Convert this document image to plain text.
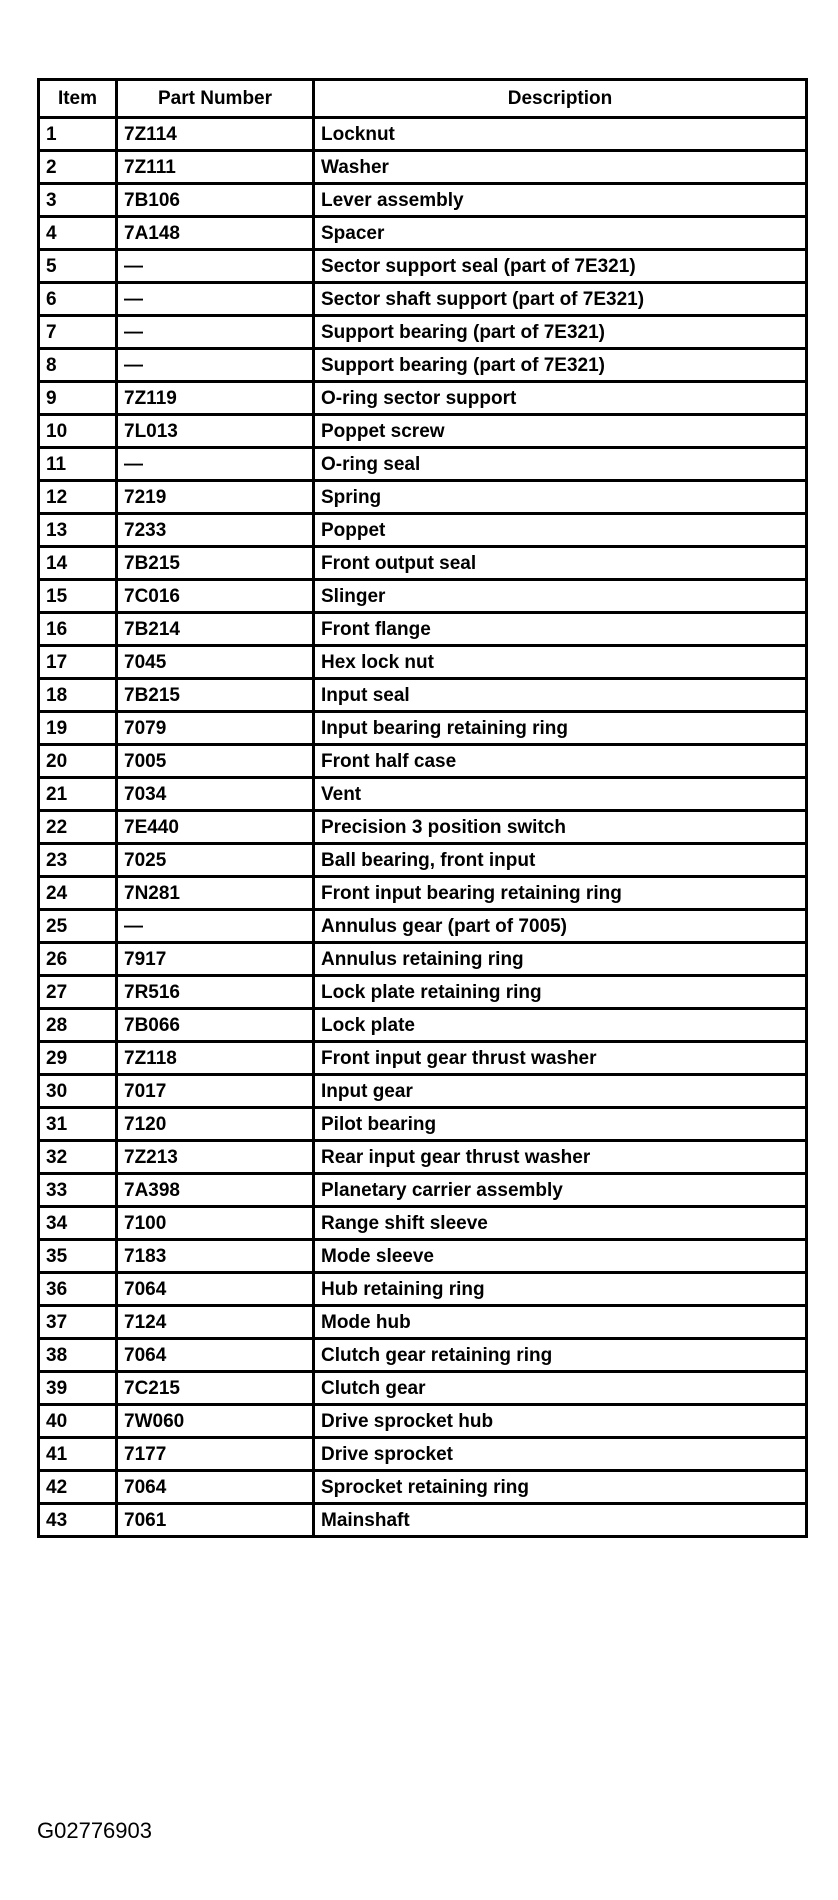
Item	Part Number	Description
1	7Z114	Locknut
2	7Z111	Washer
3	7B106	Lever assembly
4	7A148	Spacer
5	—	Sector support seal (part of 7E321)
6	—	Sector shaft support (part of 7E321)
7	—	Support bearing (part of 7E321)
8	—	Support bearing (part of 7E321)
9	7Z119	O-ring sector support
10	7L013	Poppet screw
11	—	O-ring seal
12	7219	Spring
13	7233	Poppet
14	7B215	Front output seal
15	7C016	Slinger
16	7B214	Front flange
17	7045	Hex lock nut
18	7B215	Input seal
19	7079	Input bearing retaining ring
20	7005	Front half case
21	7034	Vent
22	7E440	Precision 3 position switch
23	7025	Ball bearing, front input
24	7N281	Front input bearing retaining ring
25	—	Annulus gear (part of 7005)
26	7917	Annulus retaining ring
27	7R516	Lock plate retaining ring
28	7B066	Lock plate
29	7Z118	Front input gear thrust washer
30	7017	Input gear
31	7120	Pilot bearing
32	7Z213	Rear input gear thrust washer
33	7A398	Planetary carrier assembly
34	7100	Range shift sleeve
35	7183	Mode sleeve
36	7064	Hub retaining ring
37	7124	Mode hub
38	7064	Clutch gear retaining ring
39	7C215	Clutch gear
40	7W060	Drive sprocket hub
41	7177	Drive sprocket
42	7064	Sprocket retaining ring
43	7061	Mainshaft
G02776903
